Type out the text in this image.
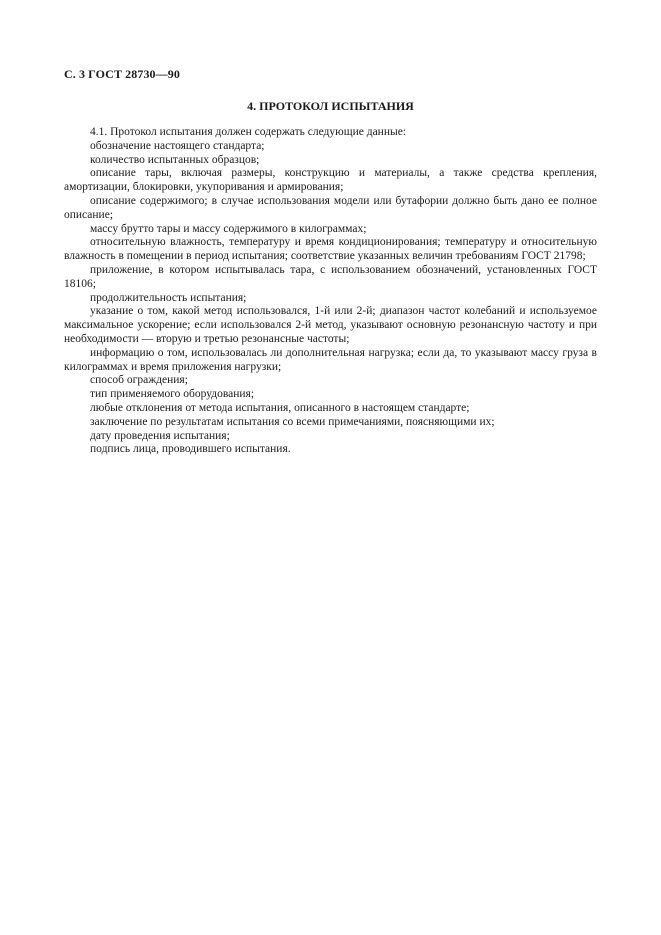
С. 3 ГОСТ 28730—90
4. ПРОТОКОЛ ИСПЫТАНИЯ

4.1. Протокол испытания должен содержать следующие данные:

обозначение настоящего стандарта;

количество испытанных образцов;

описание тары, включая размеры, конструкцию и материалы, а также средства крепления, амортизации, блокировки, укупоривания и армирования;

описание содержимого; в случае использования модели или бутафории должно быть дано ее полное описание;

массу брутто тары и массу содержимого в килограммах;

относительную влажность, температуру и время кондиционирования; температуру и относительную влажность в помещении в период испытания; соответствие указанных величин требованиям ГОСТ 21798;

приложение, в котором испытывалась тара, с использованием обозначений, установленных ГОСТ 18106;

продолжительность испытания;

указание о том, какой метод использовался, 1-й или 2-й; диапазон частот колебаний и используемое максимальное ускорение; если использовался 2-й метод, указывают основную резонансную частоту и при необходимости — вторую и третью резонансные частоты;

информацию о том, использовалась ли дополнительная нагрузка; если да, то указывают массу груза в килограммах и время приложения нагрузки;

способ ограждения;

тип применяемого оборудования;

любые отклонения от метода испытания, описанного в настоящем стандарте;

заключение по результатам испытания со всеми примечаниями, поясняющими их;

дату проведения испытания;

подпись лица, проводившего испытания.
